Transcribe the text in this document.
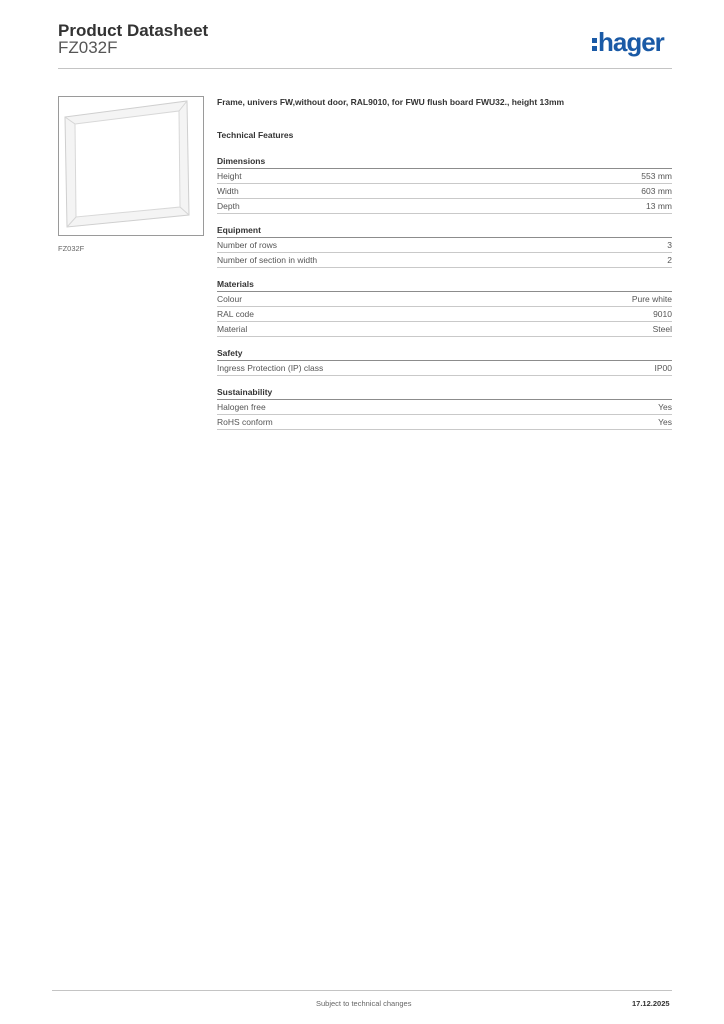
Product Datasheet
FZ032F	hager
FZ032F
Frame, univers FW,without door, RAL9010, for FWU flush board FWU32., height 13mm
Technical Features
Dimensions
Height	553 mm
Width	603 mm
Depth	13 mm
Equipment
Number of rows	3
Number of section in width	2
Materials
Colour	Pure white
RAL code	9010
Material	Steel
Safety
Ingress Protection (IP) class	IP00
Sustainability
Halogen free	Yes
RoHS conform	Yes
Subject to technical changes	17.12.2025
